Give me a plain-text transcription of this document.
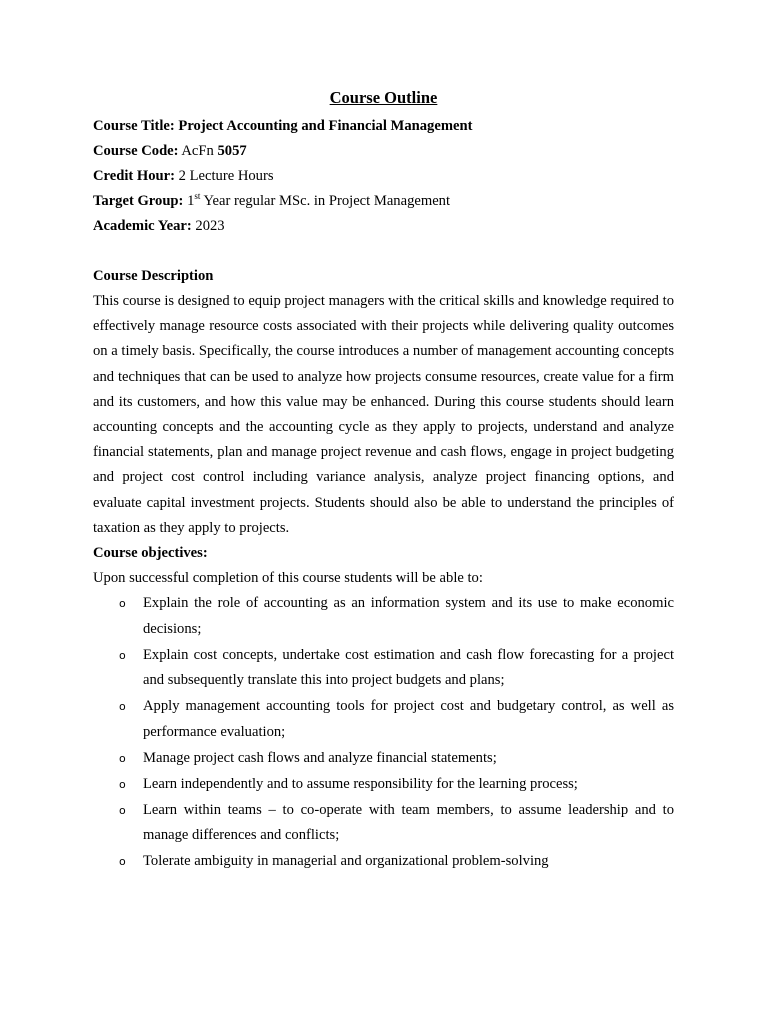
Course Outline

Course Title: Project Accounting and Financial Management

Course Code: AcFn 5057

Credit Hour: 2 Lecture Hours

Target Group: 1st Year regular MSc. in Project Management

Academic Year: 2023

Course Description

This course is designed to equip project managers with the critical skills and knowledge required to effectively manage resource costs associated with their projects while delivering quality outcomes on a timely basis. Specifically, the course introduces a number of management accounting concepts and techniques that can be used to analyze how projects consume resources, create value for a firm and its customers, and how this value may be enhanced. During this course students should learn accounting concepts and the accounting cycle as they apply to projects, understand and analyze financial statements, plan and manage project revenue and cash flows, engage in project budgeting and project cost control including variance analysis, analyze project financing options, and evaluate capital investment projects. Students should also be able to understand the principles of taxation as they apply to projects.

Course objectives:

Upon successful completion of this course students will be able to:

o Explain the role of accounting as an information system and its use to make economic decisions;
o Explain cost concepts, undertake cost estimation and cash flow forecasting for a project and subsequently translate this into project budgets and plans;
o Apply management accounting tools for project cost and budgetary control, as well as performance evaluation;
o Manage project cash flows and analyze financial statements;
o Learn independently and to assume responsibility for the learning process;
o Learn within teams – to co-operate with team members, to assume leadership and to manage differences and conflicts;
o Tolerate ambiguity in managerial and organizational problem-solving
